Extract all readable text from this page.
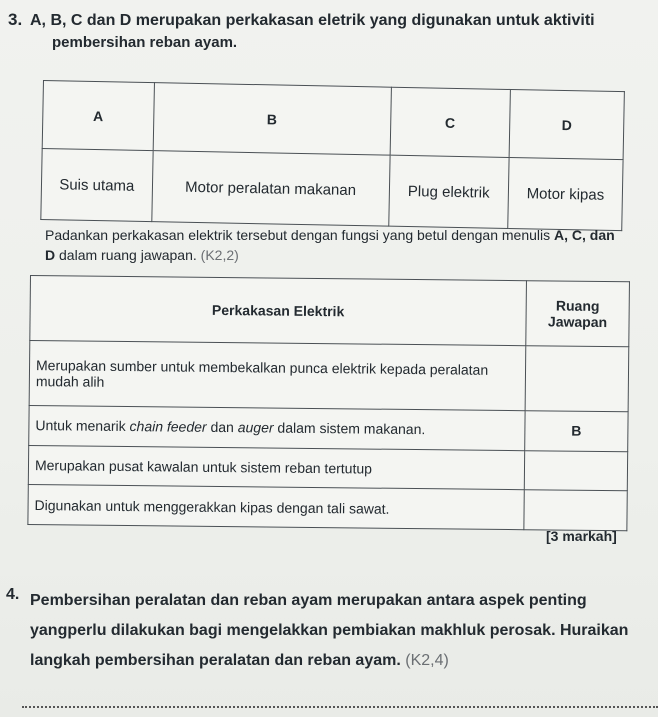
3. A, B, C dan D merupakan perkakasan eletrik yang digunakan untuk aktiviti
pembersihan reban ayam.
A	B	C	D
Suis utama	Motor peralatan makanan	Plug elektrik	Motor kipas
Padankan perkakasan elektrik tersebut dengan fungsi yang betul dengan menulis A, C, dan D dalam ruang jawapan. (K2,2)
Perkakasan Elektrik	Ruang Jawapan
Merupakan sumber untuk membekalkan punca elektrik kepada peralatan mudah alih	
Untuk menarik chain feeder dan auger dalam sistem makanan.	B
Merupakan pusat kawalan untuk sistem reban tertutup	
Digunakan untuk menggerakkan kipas dengan tali sawat.	
[3 markah]
4. Pembersihan peralatan dan reban ayam merupakan antara aspek penting yangperlu dilakukan bagi mengelakkan pembiakan makhluk perosak. Huraikan langkah pembersihan peralatan dan reban ayam. (K2,4)
